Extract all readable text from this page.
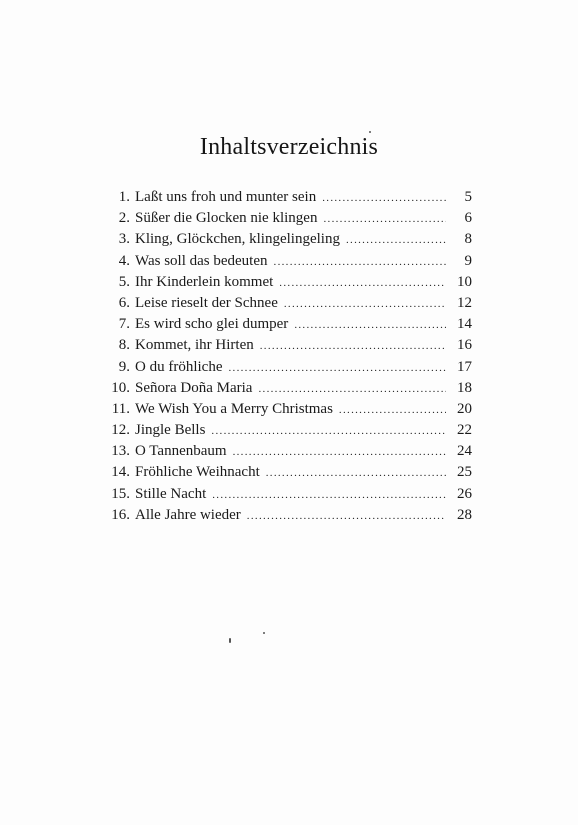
Inhaltsverzeichnis
1. Laßt uns froh und munter sein .....	5
2. Süßer die Glocken nie klingen .....	6
3. Kling, Glöckchen, klingelingeling .....	8
4. Was soll das bedeuten .....	9
5. Ihr Kinderlein kommet .....	10
6. Leise rieselt der Schnee .....	12
7. Es wird scho glei dumper .....	14
8. Kommet, ihr Hirten .....	16
9. O du fröhliche .....	17
10. Señora Doña Maria .....	18
11. We Wish You a Merry Christmas .....	20
12. Jingle Bells .....	22
13. O Tannenbaum .....	24
14. Fröhliche Weihnacht .....	25
15. Stille Nacht .....	26
16. Alle Jahre wieder .....	28
